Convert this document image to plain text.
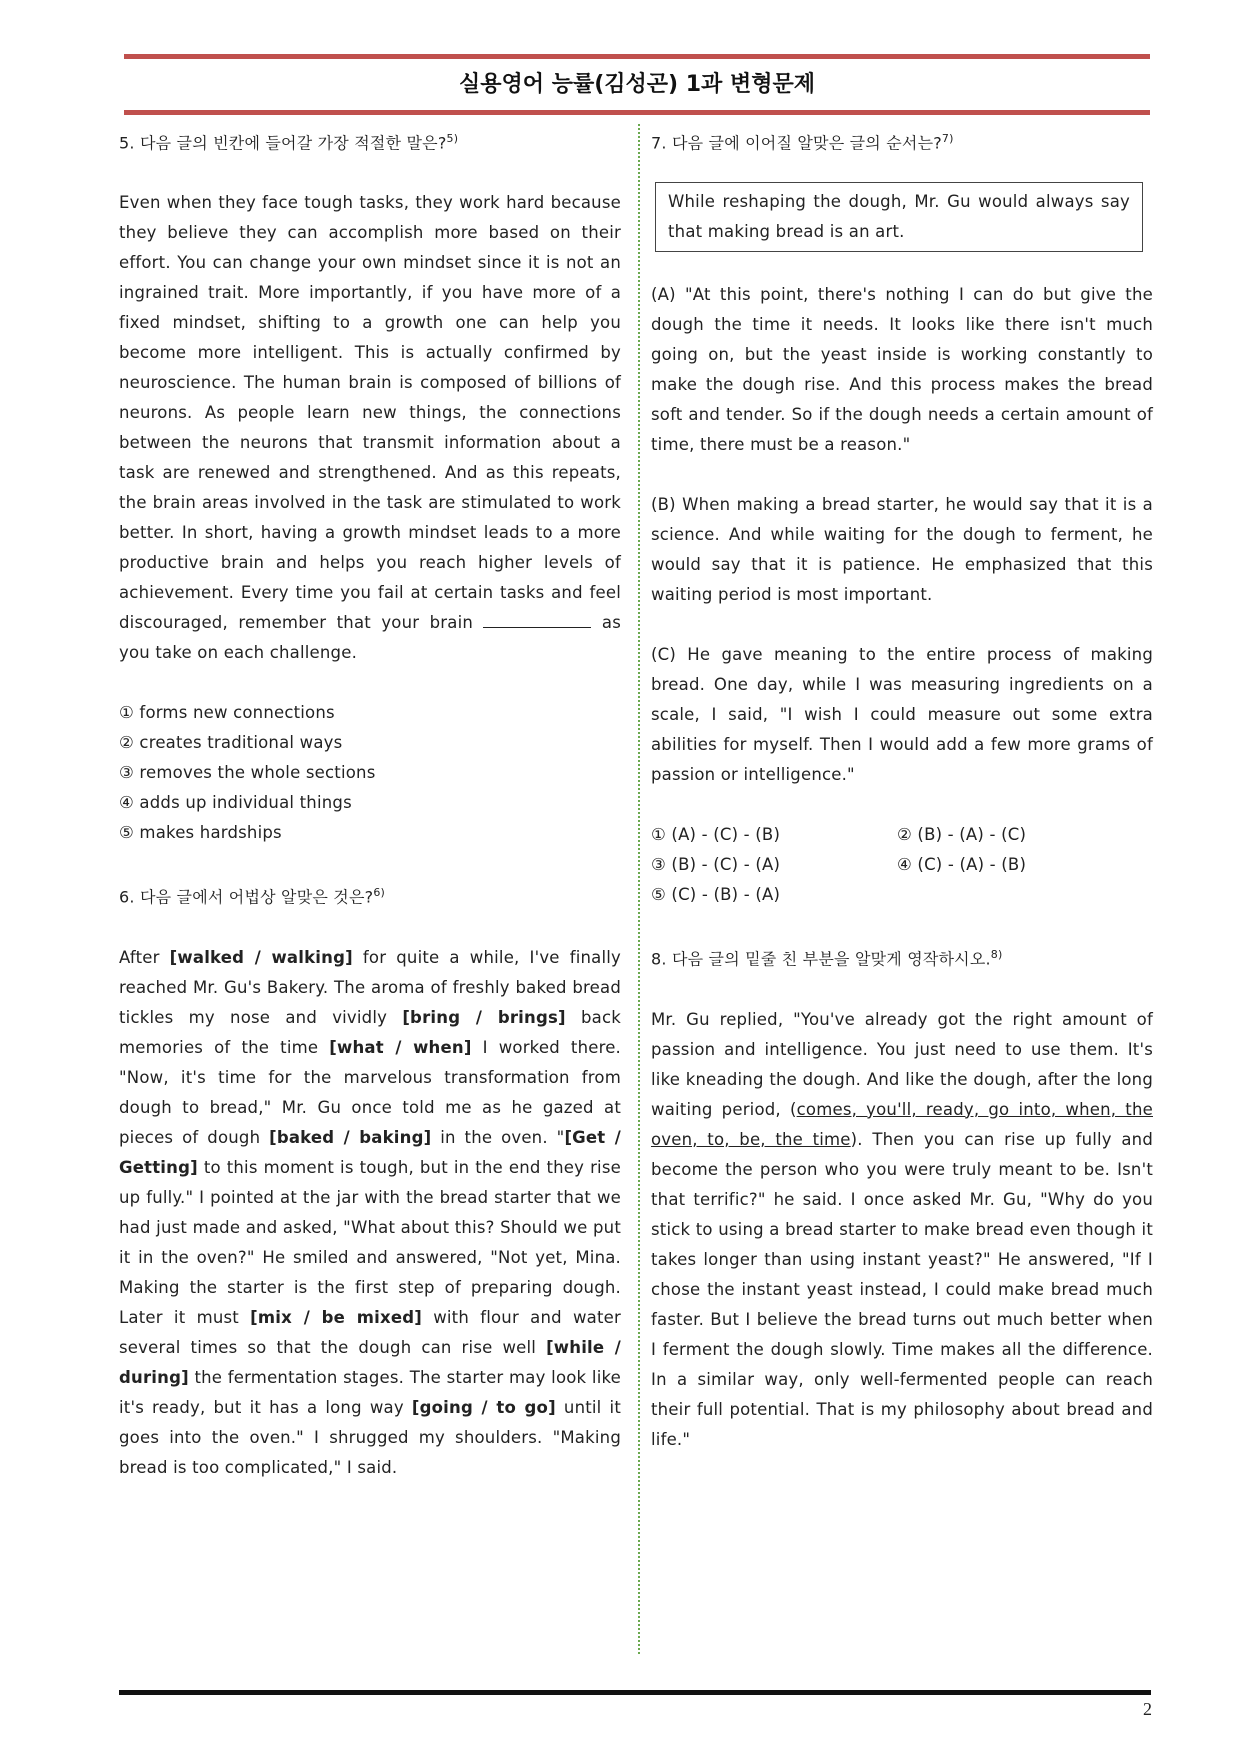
실용영어 능률(김성곤) 1과 변형문제
5. 다음 글의 빈칸에 들어갈 가장 적절한 말은?$^{5)}$
Even when they face tough tasks, they work hard because they believe they can accomplish more based on their effort. You can change your own mindset since it is not an ingrained trait. More importantly, if you have more of a fixed mindset, shifting to a growth one can help you become more intelligent. This is actually confirmed by neuroscience. The human brain is composed of billions of neurons. As people learn new things, the connections between the neurons that transmit information about a task are renewed and strengthened. And as this repeats, the brain areas involved in the task are stimulated to work better. In short, having a growth mindset leads to a more productive brain and helps you reach higher levels of achievement. Every time you fail at certain tasks and feel discouraged, remember that your brain	as you take on each challenge.
① forms new connections
② creates traditional ways
③ removes the whole sections
④ adds up individual things
⑤ makes hardships
6. 다음 글에서 어법상 알맞은 것은?$^{6)}$
After [walked / walking] for quite a while, I've finally reached Mr. Gu's Bakery. The aroma of freshly baked bread tickles my nose and vividly [bring / brings] back memories of the time [what / when] I worked there. "Now, it's time for the marvelous transformation from dough to bread," Mr. Gu once told me as he gazed at pieces of dough [baked / baking] in the oven. "[Get / Getting] to this moment is tough, but in the end they rise up fully." I pointed at the jar with the bread starter that we had just made and asked, "What about this? Should we put it in the oven?" He smiled and answered, "Not yet, Mina. Making the starter is the first step of preparing dough. Later it must [mix / be mixed] with flour and water several times so that the dough can rise well [while / during] the fermentation stages. The starter may look like it's ready, but it has a long way [going / to go] until it goes into the oven." I shrugged my shoulders. "Making bread is too complicated," I said.
7. 다음 글에 이어질 알맞은 글의 순서는?$^{7)}$
While reshaping the dough, Mr. Gu would always say that making bread is an art.
(A) "At this point, there's nothing I can do but give the dough the time it needs. It looks like there isn't much going on, but the yeast inside is working constantly to make the dough rise. And this process makes the bread soft and tender. So if the dough needs a certain amount of time, there must be a reason."
(B) When making a bread starter, he would say that it is a science. And while waiting for the dough to ferment, he would say that it is patience. He emphasized that this waiting period is most important.
(C) He gave meaning to the entire process of making bread. One day, while I was measuring ingredients on a scale, I said, "I wish I could measure out some extra abilities for myself. Then I would add a few more grams of passion or intelligence."
① (A) - (C) - (B)	② (B) - (A) - (C)
③ (B) - (C) - (A)	④ (C) - (A) - (B)
⑤ (C) - (B) - (A)
8. 다음 글의 밑줄 친 부분을 알맞게 영작하시오.$^{8)}$
Mr. Gu replied, "You've already got the right amount of passion and intelligence. You just need to use them. It's like kneading the dough. And like the dough, after the long waiting period, (comes, you'll, ready, go into, when, the oven, to, be, the time). Then you can rise up fully and become the person who you were truly meant to be. Isn't that terrific?" he said. I once asked Mr. Gu, "Why do you stick to using a bread starter to make bread even though it takes longer than using instant yeast?" He answered, "If I chose the instant yeast instead, I could make bread much faster. But I believe the bread turns out much better when I ferment the dough slowly. Time makes all the difference. In a similar way, only well-fermented people can reach their full potential. That is my philosophy about bread and life."
2
